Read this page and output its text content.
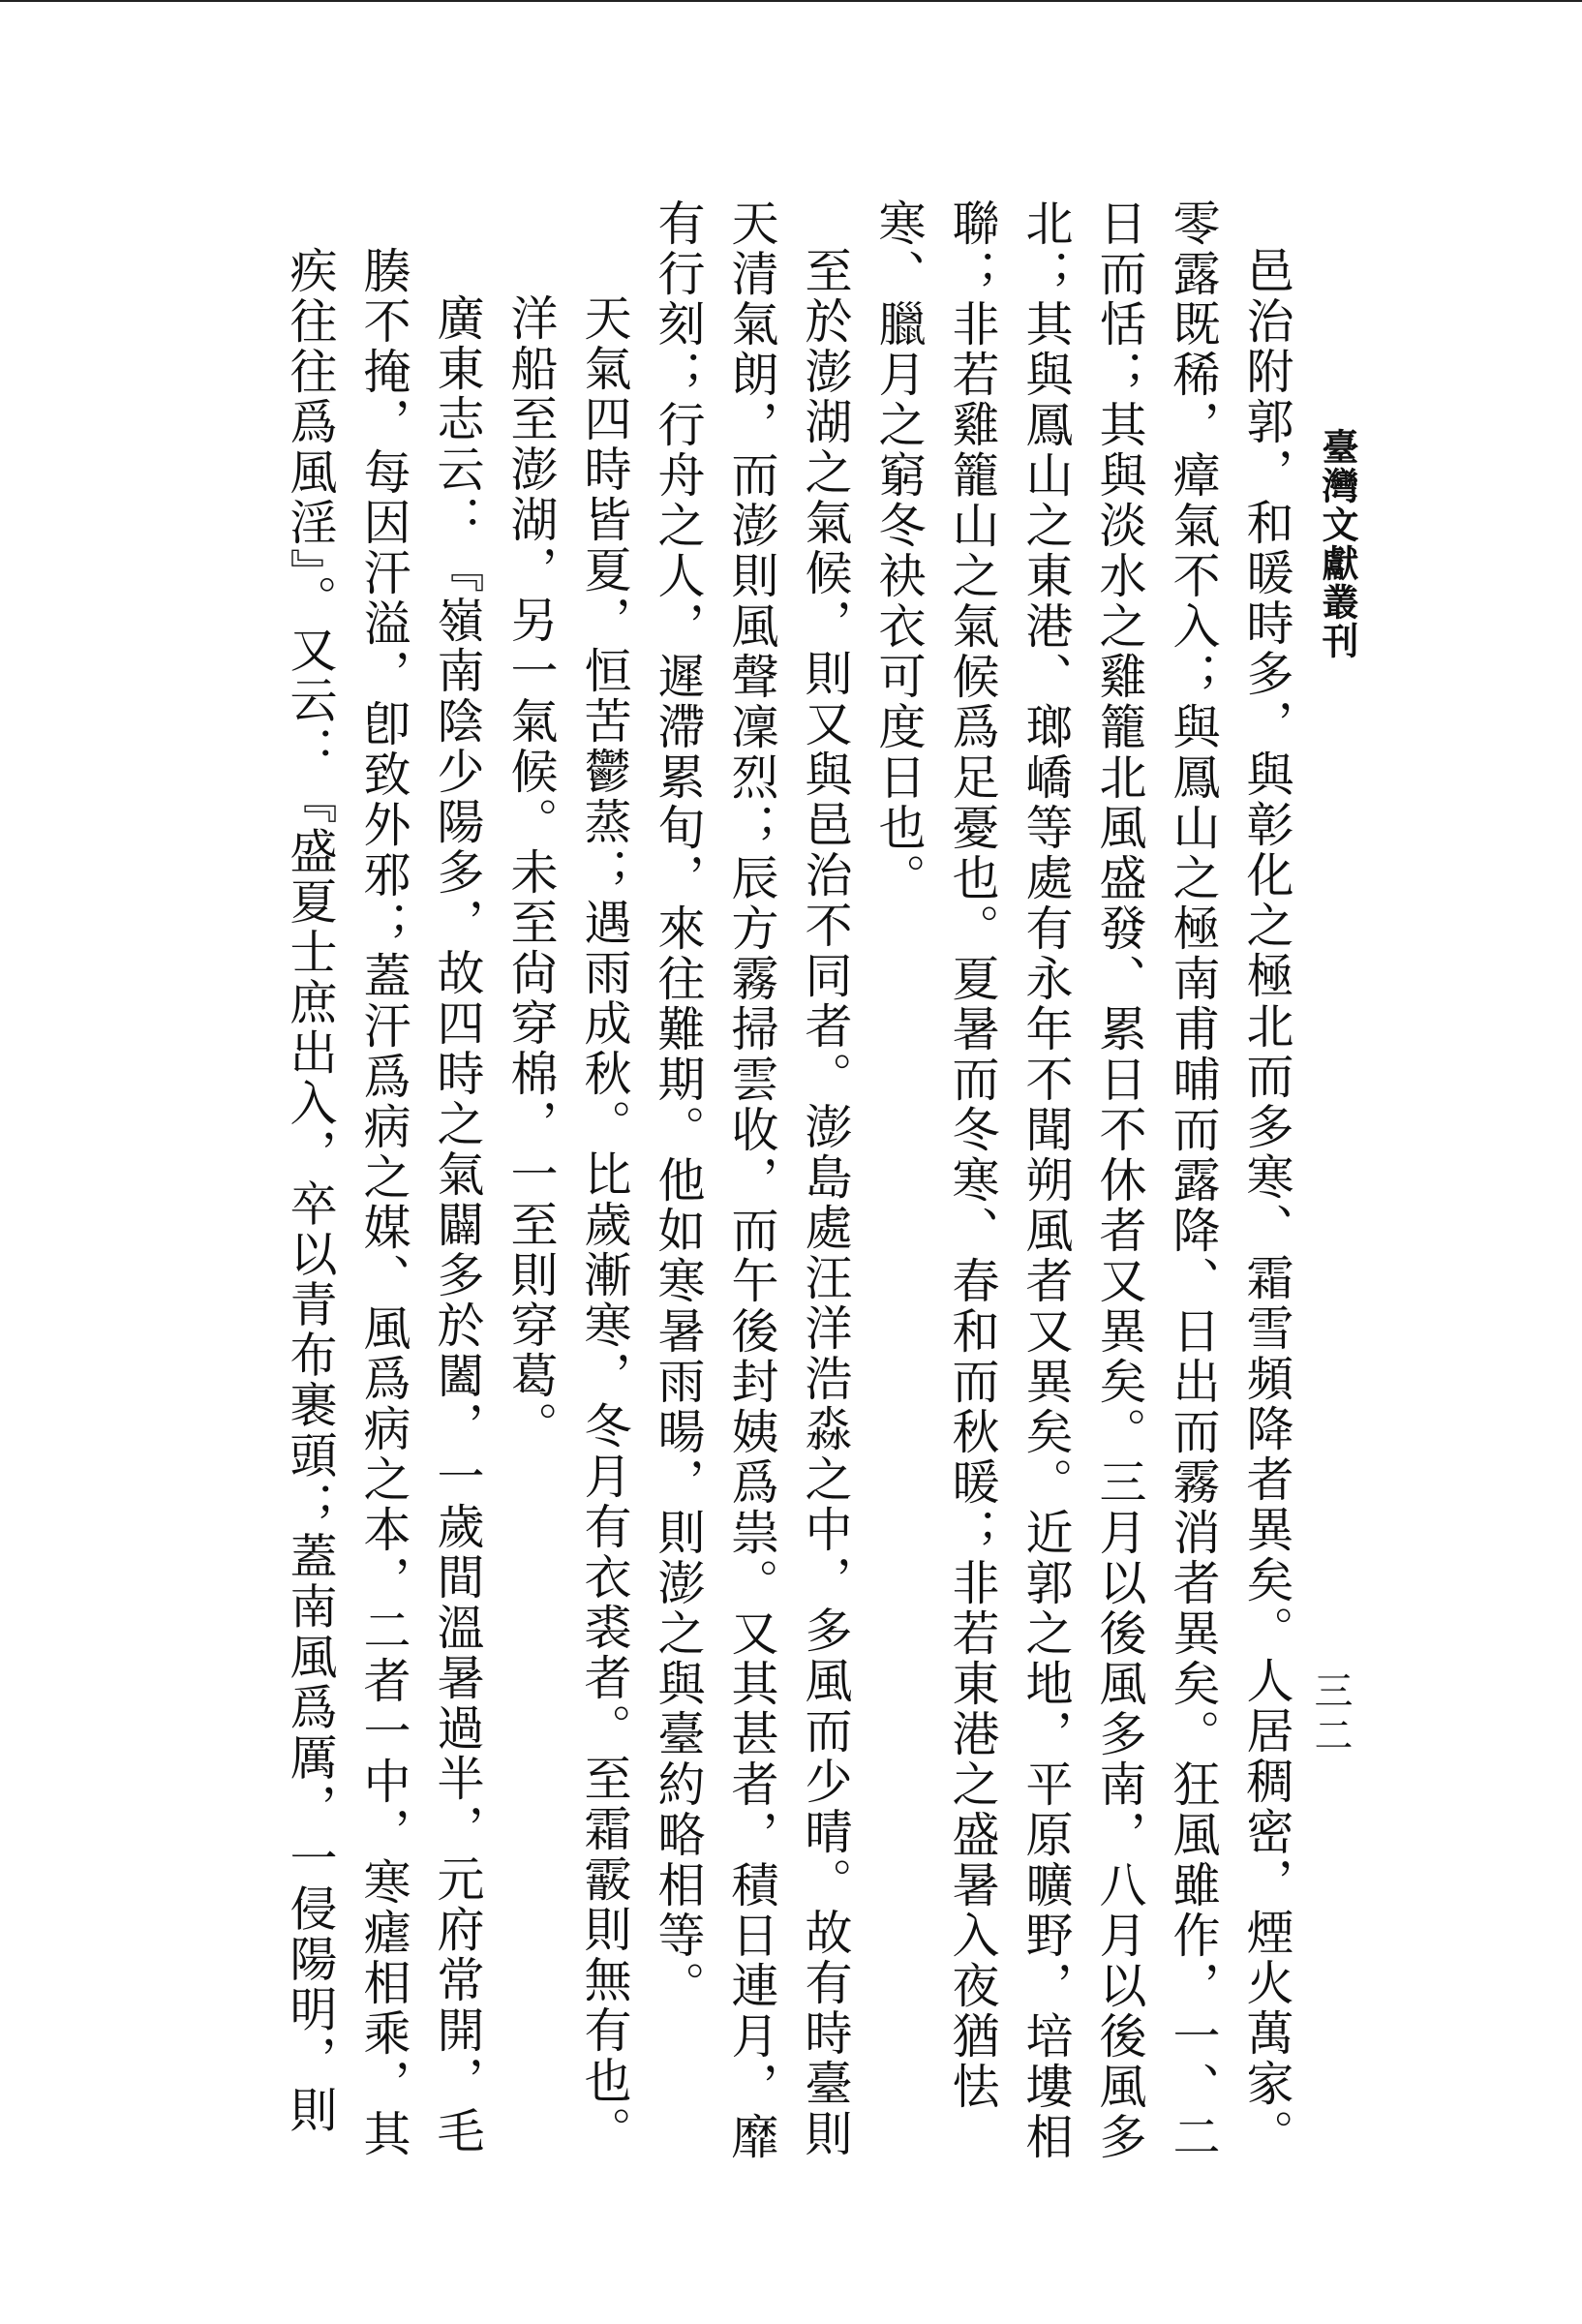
臺灣文獻叢刊
三二

邑治附郭，和暖時多，與彰化之極北而多寒、霜雪頻降者異矣。人居稠密，煙火萬家。零露既稀，瘴氣不入；與鳳山之極南甫晡而露降、日出而霧消者異矣。狂風雖作，一、二日而恬；其與淡水之雞籠北風盛發、累日不休者又異矣。三月以後風多南，八月以後風多北；其與鳳山之東港、瑯嶠等處有永年不聞朔風者又異矣。近郭之地，平原曠野，培塿相聯；非若雞籠山之氣候爲足憂也。夏暑而冬寒、春和而秋暖；非若東港之盛暑入夜猶怯寒、臘月之窮冬袂衣可度日也。

至於澎湖之氣候，則又與邑治不同者。澎島處汪洋浩淼之中，多風而少晴。故有時臺則天清氣朗，而澎則風聲凜烈；辰方霧掃雲收，而午後封姨爲祟。又其甚者，積日連月，靡有行刻；行舟之人，遲滯累旬，來往難期。他如寒暑雨暘，則澎之與臺約略相等。

天氣四時皆夏，恒苦鬱蒸；遇雨成秋。比歲漸寒，冬月有衣裘者。至霜霰則無有也。

洋船至澎湖，另一氣候。未至尙穿棉，一至則穿葛。

廣東志云：『嶺南陰少陽多，故四時之氣闢多於闔，一歲間溫暑過半，元府常開，毛腠不掩，每因汗溢，卽致外邪；蓋汗爲病之媒、風爲病之本，二者一中，寒瘧相乘，其疾往往爲風淫』。又云：『盛夏士庶出入，卒以青布裹頭；蓋南風爲厲，一侵陽明，則
